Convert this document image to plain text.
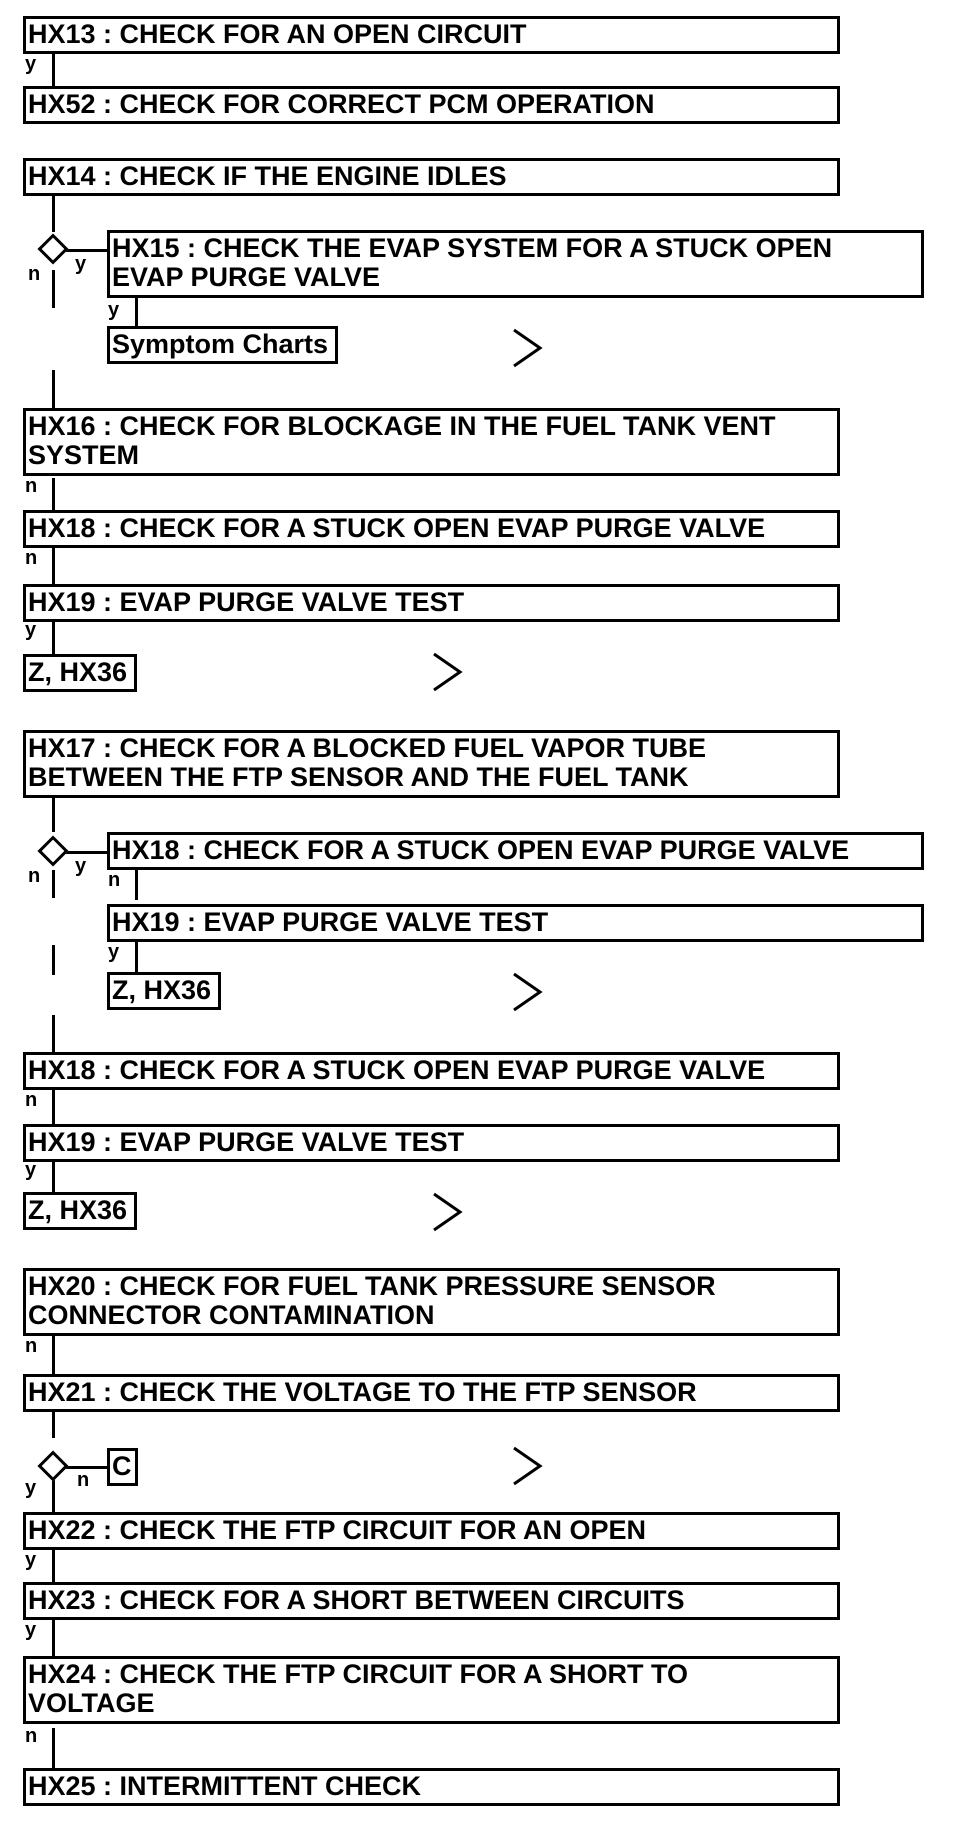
HX13 : CHECK FOR AN OPEN CIRCUIT
HX52 : CHECK FOR CORRECT PCM OPERATION
HX14 : CHECK IF THE ENGINE IDLES
HX15 : CHECK THE EVAP SYSTEM FOR A STUCK OPEN
EVAP PURGE VALVE
Symptom Charts
HX16 : CHECK FOR BLOCKAGE IN THE FUEL TANK VENT
SYSTEM
HX18 : CHECK FOR A STUCK OPEN EVAP PURGE VALVE
HX19 : EVAP PURGE VALVE TEST
Z, HX36
HX17 : CHECK FOR A BLOCKED FUEL VAPOR TUBE
BETWEEN THE FTP SENSOR AND THE FUEL TANK
HX18 : CHECK FOR A STUCK OPEN EVAP PURGE VALVE
HX19 : EVAP PURGE VALVE TEST
Z, HX36
HX18 : CHECK FOR A STUCK OPEN EVAP PURGE VALVE
HX19 : EVAP PURGE VALVE TEST
Z, HX36
HX20 : CHECK FOR FUEL TANK PRESSURE SENSOR
CONNECTOR CONTAMINATION
HX21 : CHECK THE VOLTAGE TO THE FTP SENSOR
C
HX22 : CHECK THE FTP CIRCUIT FOR AN OPEN
HX23 : CHECK FOR A SHORT BETWEEN CIRCUITS
HX24 : CHECK THE FTP CIRCUIT FOR A SHORT TO
VOLTAGE
HX25 : INTERMITTENT CHECK
y
y
n
y
n
n
y
y
n	n
y
n
y
n
n
y
y
y
n
